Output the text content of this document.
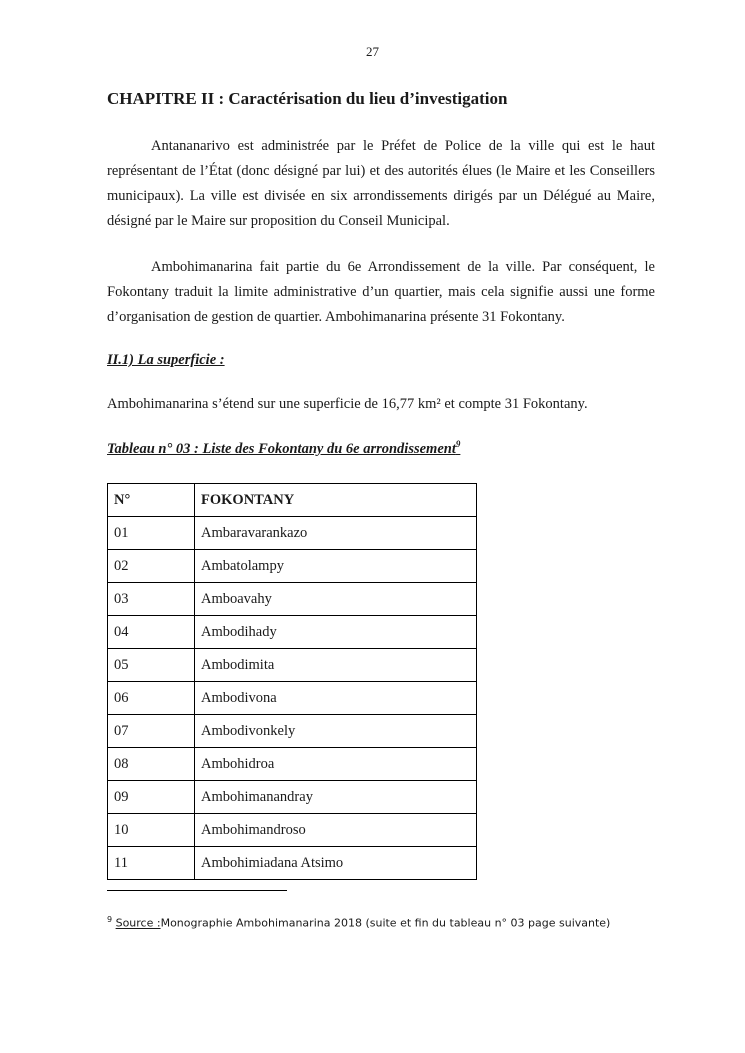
27
CHAPITRE II : Caractérisation du lieu d’investigation

Antananarivo est administrée par le Préfet de Police de la ville qui est le haut représentant de l’État (donc désigné par lui) et des autorités élues (le Maire et les Conseillers municipaux). La ville est divisée en six arrondissements dirigés par un Délégué au Maire, désigné par le Maire sur proposition du Conseil Municipal.

Ambohimanarina fait partie du 6e Arrondissement de la ville. Par conséquent, le Fokontany traduit la limite administrative d’un quartier, mais cela signifie aussi une forme d’organisation de gestion de quartier. Ambohimanarina présente 31 Fokontany.

II.1) La superficie :

Ambohimanarina s’étend sur une superficie de 16,77 km² et compte 31 Fokontany.

Tableau n° 03 : Liste des Fokontany du 6e arrondissement$^9$

N°	FOKONTANY
01	Ambaravarankazo
02	Ambatolampy
03	Amboavahy
04	Ambodihady
05	Ambodimita
06	Ambodivona
07	Ambodivonkely
08	Ambohidroa
09	Ambohimanandray
10	Ambohimandroso
11	Ambohimiadana Atsimo

$^9$ Source :Monographie Ambohimanarina 2018 (suite et fin du tableau n° 03 page suivante)
